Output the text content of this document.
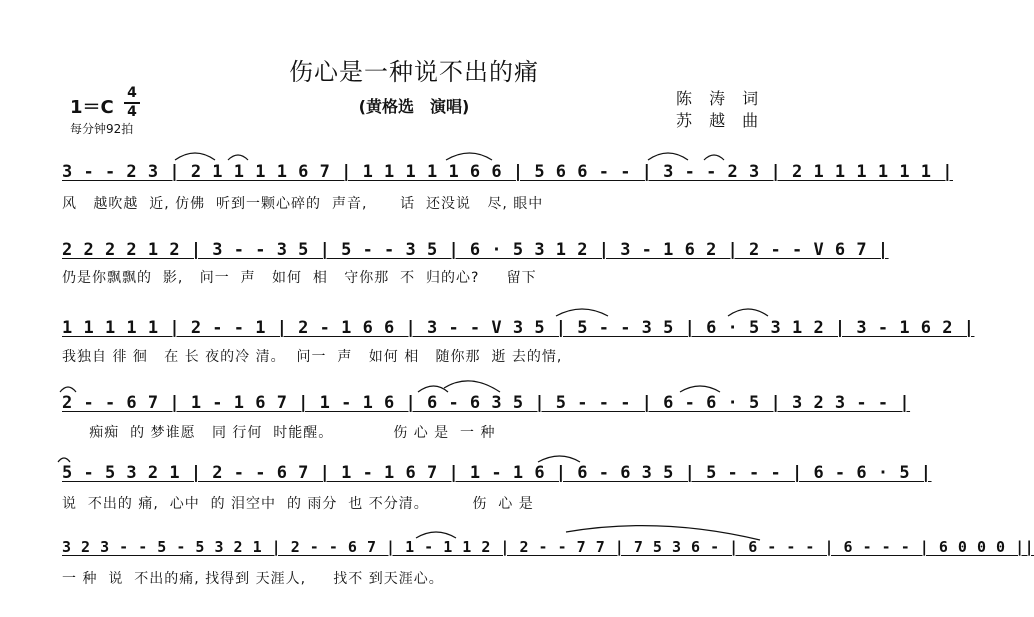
伤心是一种说不出的痛
(黄格选　演唱)	陈 涛 词
苏 越 曲
1＝C
4
4
每分钟92拍
3 - - 2 3 | 2 1 1 1 1 6 7 | 1 1 1 1 1 6 6 | 5 6 6 - - | 3 - - 2 3 | 2 1 1 1 1 1 1 |
风   越吹越  近, 仿佛  听到一颗心碎的  声音,      话  还没说   尽, 眼中
2 2 2 2 1 2 | 3 - - 3 5 | 5 - - 3 5 | 6 · 5 3 1 2 | 3 - 1 6 2 | 2 - - V 6 7 |
仍是你飘飘的  影,   问一  声   如何  相   守你那  不  归的心?     留下
1 1 1 1 1 | 2 - - 1 | 2 - 1 6 6 | 3 - - V 3 5 | 5 - - 3 5 | 6 · 5 3 1 2 | 3 - 1 6 2 |
我独自 徘 徊   在 长 夜的冷 清。  问一  声   如何 相   随你那  逝 去的情,
2 - - 6 7 | 1 - 1 6 7 | 1 - 1 6 | 6 - 6 3 5 | 5 - - - | 6 - 6 · 5 | 3 2 3 - - |
痴痴  的 梦谁愿   同 行何  时能醒。           伤 心 是  一 种
5 - 5 3 2 1 | 2 - - 6 7 | 1 - 1 6 7 | 1 - 1 6 | 6 - 6 3 5 | 5 - - - | 6 - 6 · 5 |
说  不出的 痛,  心中  的 泪空中  的 雨分  也 不分清。        伤  心 是
3 2 3 - - 5 - 5 3 2 1 | 2 - - 6 7 | 1 - 1 1 2 | 2 - - 7 7 | 7 5 3 6 - | 6 - - - | 6 - - - | 6 0 0 0 ||
一 种  说  不出的痛, 找得到 天涯人,     找不 到天涯心。
